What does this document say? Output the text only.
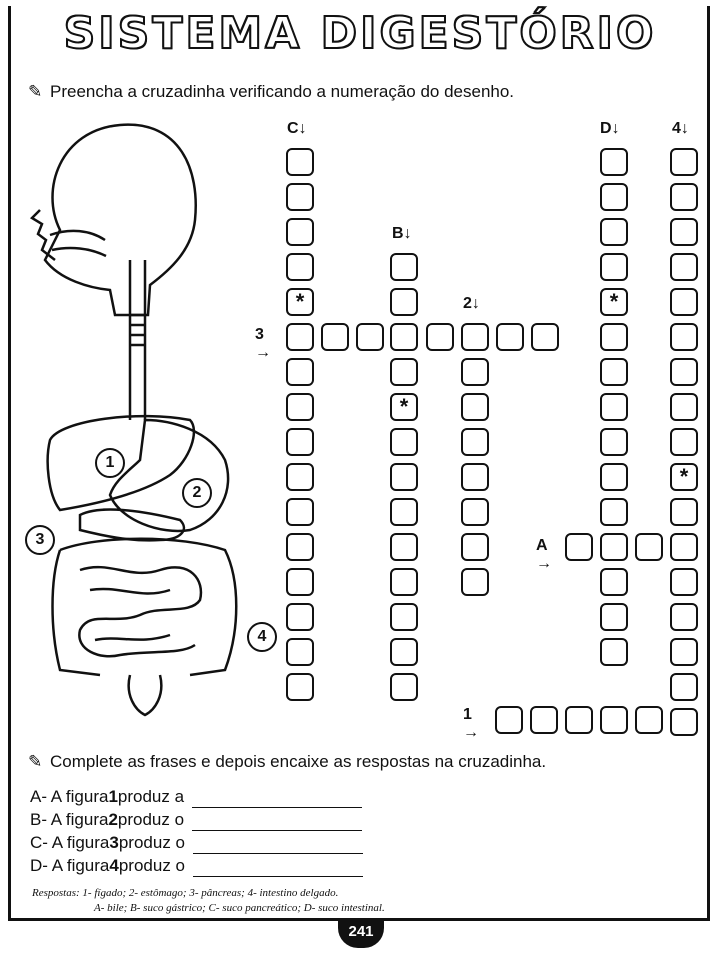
SISTEMA DIGESTÓRIO
✎ Preencha a cruzadinha verificando a numeração do desenho.
1
2
3
4
C↓	D↓	4↓
B↓
2↓
3
→
A
→
1
→
*	*
*
*
✎ Complete as frases e depois encaixe as respostas na cruzadinha.
A- A figura 1 produz a
B- A figura 2 produz o
C- A figura 3 produz o
D- A figura 4 produz o
Respostas: 1- fígado; 2- estômago; 3- pâncreas; 4- intestino delgado.
A- bile; B- suco gástrico; C- suco pancreático; D- suco intestinal.
241
